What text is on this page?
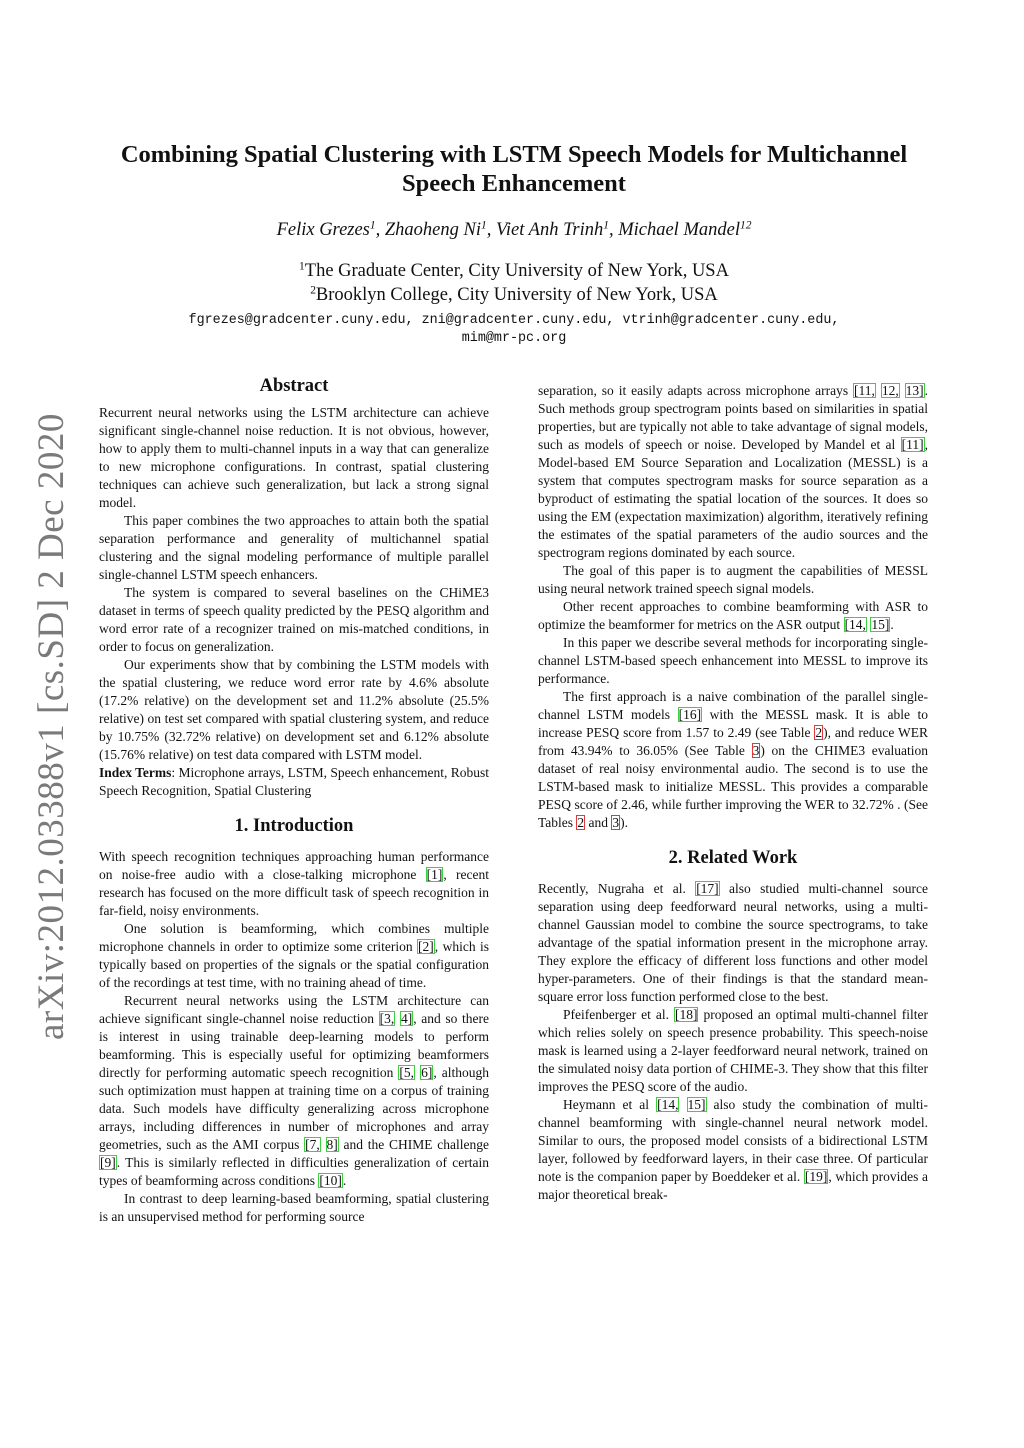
arXiv:2012.03388v1 [cs.SD] 2 Dec 2020
Combining Spatial Clustering with LSTM Speech Models for Multichannel
Speech Enhancement
Felix Grezes$^1$, Zhaoheng Ni$^1$, Viet Anh Trinh$^1$, Michael Mandel$^{12}$
$^1$The Graduate Center, City University of New York, USA
$^2$Brooklyn College, City University of New York, USA
fgrezes@gradcenter.cuny.edu, zni@gradcenter.cuny.edu, vtrinh@gradcenter.cuny.edu,
mim@mr-pc.org
Abstract

Recurrent neural networks using the LSTM architecture can achieve significant single-channel noise reduction. It is not obvious, however, how to apply them to multi-channel inputs in a way that can generalize to new microphone configurations. In contrast, spatial clustering techniques can achieve such generalization, but lack a strong signal model.

This paper combines the two approaches to attain both the spatial separation performance and generality of multichannel spatial clustering and the signal modeling performance of multiple parallel single-channel LSTM speech enhancers.

The system is compared to several baselines on the CHiME3 dataset in terms of speech quality predicted by the PESQ algorithm and word error rate of a recognizer trained on mis-matched conditions, in order to focus on generalization.

Our experiments show that by combining the LSTM models with the spatial clustering, we reduce word error rate by 4.6% absolute (17.2% relative) on the development set and 11.2% absolute (25.5% relative) on test set compared with spatial clustering system, and reduce by 10.75% (32.72% relative) on development set and 6.12% absolute (15.76% relative) on test data compared with LSTM model.

Index Terms: Microphone arrays, LSTM, Speech enhancement, Robust Speech Recognition, Spatial Clustering

1. Introduction

With speech recognition techniques approaching human performance on noise-free audio with a close-talking microphone [1], recent research has focused on the more difficult task of speech recognition in far-field, noisy environments.

One solution is beamforming, which combines multiple microphone channels in order to optimize some criterion [2], which is typically based on properties of the signals or the spatial configuration of the recordings at test time, with no training ahead of time.

Recurrent neural networks using the LSTM architecture can achieve significant single-channel noise reduction [3, 4], and so there is interest in using trainable deep-learning models to perform beamforming. This is especially useful for optimizing beamformers directly for performing automatic speech recognition [5, 6], although such optimization must happen at training time on a corpus of training data. Such models have difficulty generalizing across microphone arrays, including differences in number of microphones and array geometries, such as the AMI corpus [7, 8] and the CHIME challenge [9]. This is similarly reflected in difficulties generalization of certain types of beamforming across conditions [10].

In contrast to deep learning-based beamforming, spatial clustering is an unsupervised method for performing source

separation, so it easily adapts across microphone arrays [11, 12, 13]. Such methods group spectrogram points based on similarities in spatial properties, but are typically not able to take advantage of signal models, such as models of speech or noise. Developed by Mandel et al [11], Model-based EM Source Separation and Localization (MESSL) is a system that computes spectrogram masks for source separation as a byproduct of estimating the spatial location of the sources. It does so using the EM (expectation maximization) algorithm, iteratively refining the estimates of the spatial parameters of the audio sources and the spectrogram regions dominated by each source.

The goal of this paper is to augment the capabilities of MESSL using neural network trained speech signal models.

Other recent approaches to combine beamforming with ASR to optimize the beamformer for metrics on the ASR output [14, 15].

In this paper we describe several methods for incorporating single-channel LSTM-based speech enhancement into MESSL to improve its performance.

The first approach is a naive combination of the parallel single-channel LSTM models [16] with the MESSL mask. It is able to increase PESQ score from 1.57 to 2.49 (see Table 2), and reduce WER from 43.94% to 36.05% (See Table 3) on the CHIME3 evaluation dataset of real noisy environmental audio. The second is to use the LSTM-based mask to initialize MESSL. This provides a comparable PESQ score of 2.46, while further improving the WER to 32.72% . (See Tables 2 and 3).

2. Related Work

Recently, Nugraha et al. [17] also studied multi-channel source separation using deep feedforward neural networks, using a multi-channel Gaussian model to combine the source spectrograms, to take advantage of the spatial information present in the microphone array. They explore the efficacy of different loss functions and other model hyper-parameters. One of their findings is that the standard mean-square error loss function performed close to the best.

Pfeifenberger et al. [18] proposed an optimal multi-channel filter which relies solely on speech presence probability. This speech-noise mask is learned using a 2-layer feedforward neural network, trained on the simulated noisy data portion of CHIME-3. They show that this filter improves the PESQ score of the audio.

Heymann et al [14, 15] also study the combination of multi-channel beamforming with single-channel neural network model. Similar to ours, the proposed model consists of a bidirectional LSTM layer, followed by feedforward layers, in their case three. Of particular note is the companion paper by Boeddeker et al. [19], which provides a major theoretical break-
